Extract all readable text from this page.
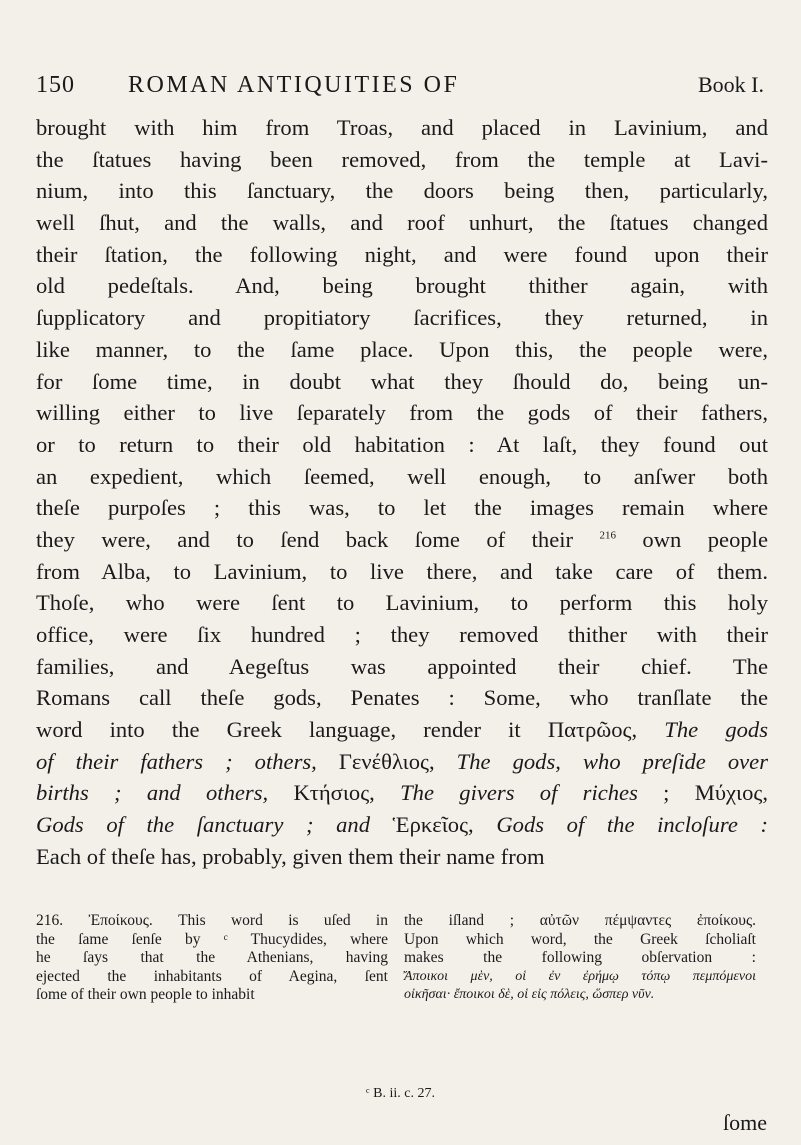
150 ROMAN ANTIQUITIES OF	Book I.
brought with him from Troas, and placed in Lavinium, and
the ſtatues having been removed, from the temple at Lavi-
nium, into this ſanctuary, the doors being then, particularly,
well ſhut, and the walls, and roof unhurt, the ſtatues changed
their ſtation, the following night, and were found upon their
old pedeſtals. And, being brought thither again, with
ſupplicatory and propitiatory ſacrifices, they returned, in
like manner, to the ſame place. Upon this, the people were,
for ſome time, in doubt what they ſhould do, being un-
willing either to live ſeparately from the gods of their fathers,
or to return to their old habitation : At laſt, they found out
an expedient, which ſeemed, well enough, to anſwer both
theſe purpoſes ; this was, to let the images remain where
they were, and to ſend back ſome of their $^{216}$ own people
from Alba, to Lavinium, to live there, and take care of them.
Thoſe, who were ſent to Lavinium, to perform this holy
office, were ſix hundred ; they removed thither with their
families, and Aegeſtus was appointed their chief. The
Romans call theſe gods, Penates : Some, who tranſlate the
word into the Greek language, render it Πατρῶος, The gods
of their fathers ; others, Γενέθλιος, The gods, who preſide over
births ; and others, Κτήσιος, The givers of riches ; Μύχιος,
Gods of the ſanctuary ; and Ἑρκεῖος, Gods of the incloſure :
Each of theſe has, probably, given them their name from
216. Ἐποίκους. This word is uſed in
the ſame ſenſe by ᶜ Thucydides, where
he ſays that the Athenians, having
ejected the inhabitants of Aegina, ſent
ſome of their own people to inhabit
the iſland ; αὐτῶν πέμψαντες ἐποίκους.
Upon which word, the Greek ſcholiaſt
makes the following obſervation :
Ἄποικοι μὲν, οἱ ἐν ἐρήμῳ τόπῳ πεμπόμενοι
οἰκῆσαι· ἔποικοι δὲ, οἱ εἰς πόλεις, ὥσπερ νῦν.
ᶜ B. ii. c. 27.
ſome
